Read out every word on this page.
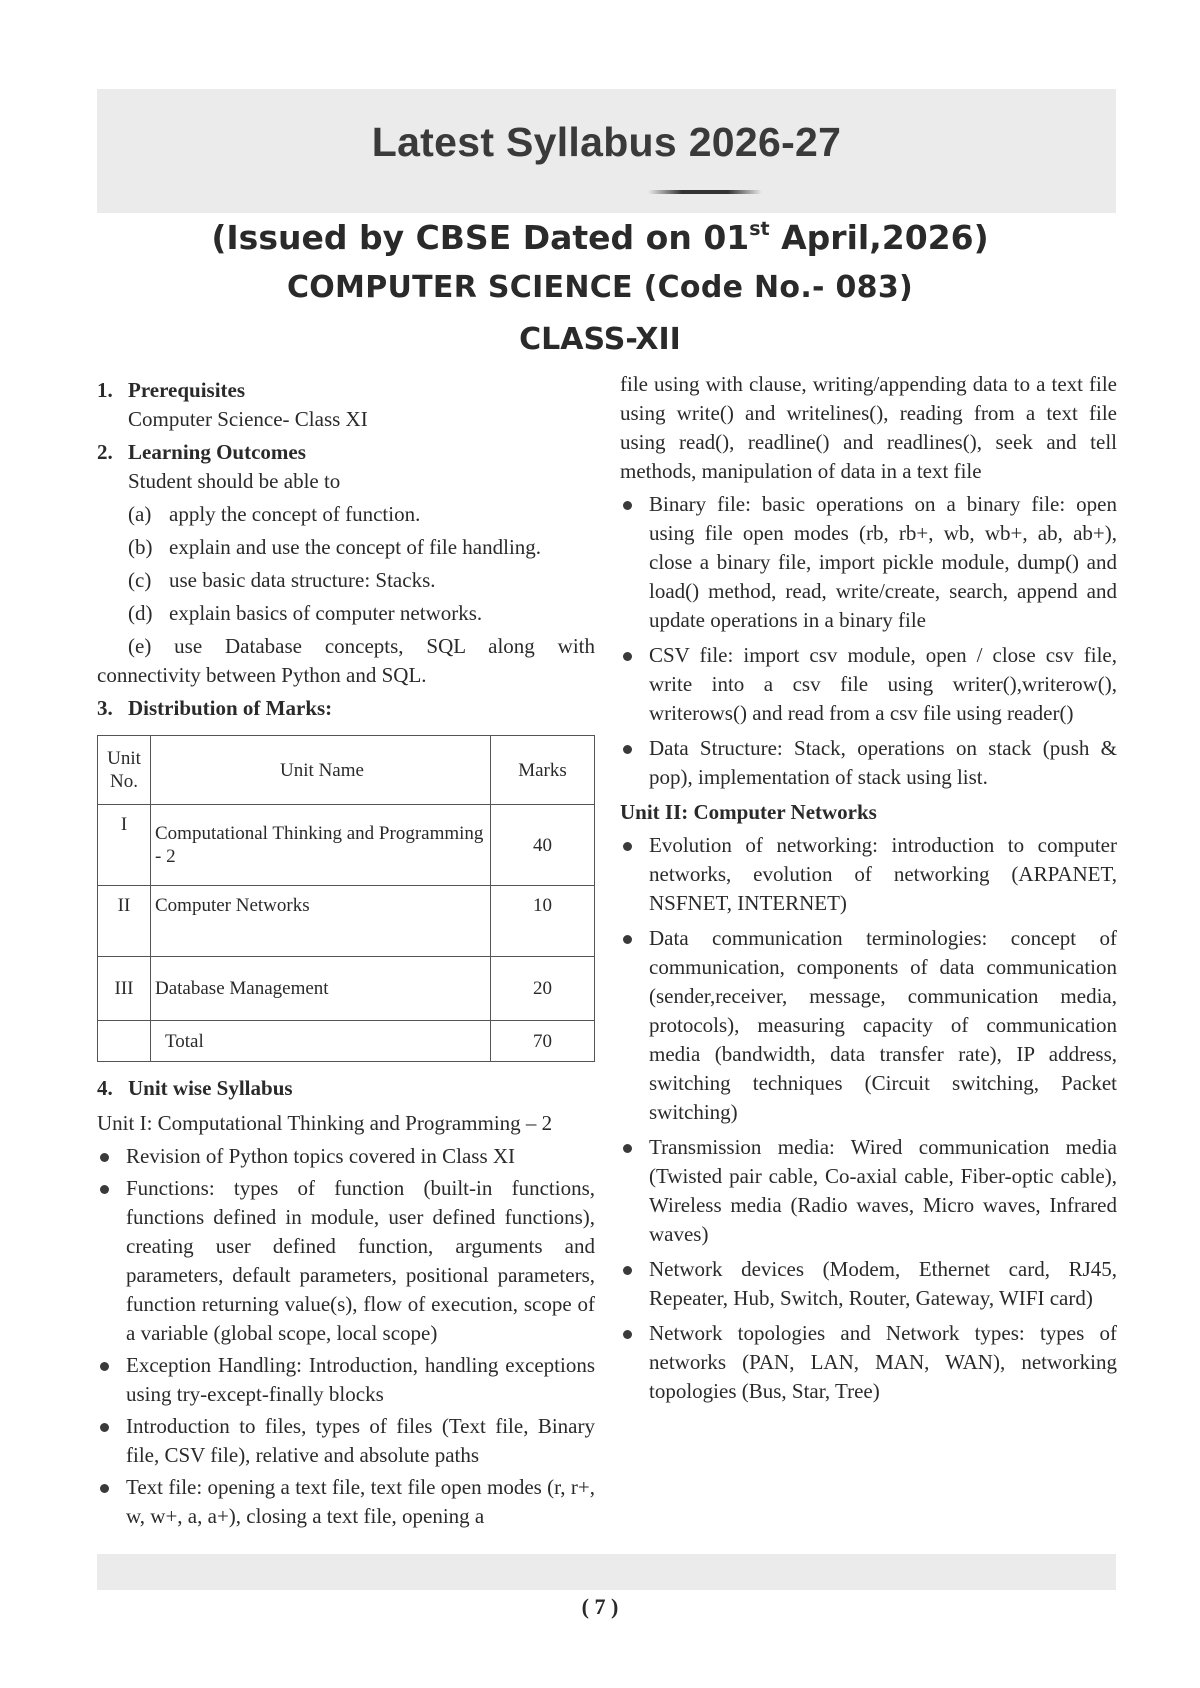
Latest Syllabus 2026-27
(Issued by CBSE Dated on 01st April,2026)
COMPUTER SCIENCE (Code No.- 083)
CLASS-XII
1. Prerequisites
Computer Science- Class XI
2. Learning Outcomes
Student should be able to
(a) apply the concept of function.
(b) explain and use the concept of file handling.
(c) use basic data structure: Stacks.
(d) explain basics of computer networks.
(e) use Database concepts, SQL along with connectivity between Python and SQL.
3. Distribution of Marks:
Unit No.	Unit Name	Marks
I	Computational Thinking and Programming - 2	40
II	Computer Networks	10
III	Database Management	20
	Total	70
4. Unit wise Syllabus
Unit I: Computational Thinking and Programming – 2
Revision of Python topics covered in Class XI
Functions: types of function (built-in functions, functions defined in module, user defined functions), creating user defined function, arguments and parameters, default parameters, positional parameters, function returning value(s), flow of execution, scope of a variable (global scope, local scope)
Exception Handling: Introduction, handling exceptions using try-except-finally blocks
Introduction to files, types of files (Text file, Binary file, CSV file), relative and absolute paths
Text file: opening a text file, text file open modes (r, r+, w, w+, a, a+), closing a text file, opening a
file using with clause, writing/appending data to a text file using write() and writelines(), reading from a text file using read(), readline() and readlines(), seek and tell methods, manipulation of data in a text file
Binary file: basic operations on a binary file: open using file open modes (rb, rb+, wb, wb+, ab, ab+), close a binary file, import pickle module, dump() and load() method, read, write/create, search, append and update operations in a binary file
CSV file: import csv module, open / close csv file, write into a csv file using writer(),writerow(), writerows() and read from a csv file using reader()
Data Structure: Stack, operations on stack (push & pop), implementation of stack using list.
Unit II: Computer Networks
Evolution of networking: introduction to computer networks, evolution of networking (ARPANET, NSFNET, INTERNET)
Data communication terminologies: concept of communication, components of data communication (sender,receiver, message, communication media, protocols), measuring capacity of communication media (bandwidth, data transfer rate), IP address, switching techniques (Circuit switching, Packet switching)
Transmission media: Wired communication media (Twisted pair cable, Co-axial cable, Fiber-optic cable), Wireless media (Radio waves, Micro waves, Infrared waves)
Network devices (Modem, Ethernet card, RJ45, Repeater, Hub, Switch, Router, Gateway, WIFI card)
Network topologies and Network types: types of networks (PAN, LAN, MAN, WAN), networking topologies (Bus, Star, Tree)
( 7 )
